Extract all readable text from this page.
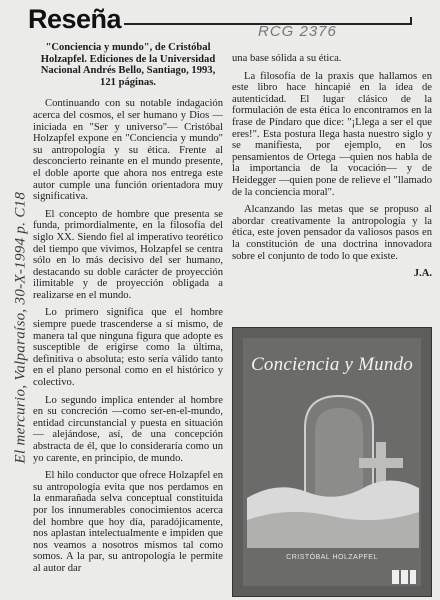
Reseña	RCG 2376
El mercurio, Valparaíso, 30-X-1994 p. C18

"Conciencia y mundo", de Cristóbal Holzapfel. Ediciones de la Universidad Nacional Andrés Bello, Santiago, 1993, 121 páginas.

Continuando con su notable indagación acerca del cosmos, el ser humano y Dios —iniciada en "Ser y universo"— Cristóbal Holzapfel expone en "Conciencia y mundo" su antropología y su ética. Frente al desconcierto reinante en el mundo presente, el doble aporte que ahora nos entrega este autor cumple una función orientadora muy significativa.

El concepto de hombre que presenta se funda, primordialmente, en la filosofía del siglo XX. Siendo fiel al imperativo teorético del tiempo que vivimos, Holzapfel se centra sólo en lo más decisivo del ser humano, destacando su doble carácter de proyección ilimitable y de proyección obligada a realizarse en el mundo.

Lo primero significa que el hombre siempre puede trascenderse a sí mismo, de manera tal que ninguna figura que adopte es susceptible de erigirse como la última, definitiva o absoluta; esto sería válido tanto en el plano personal como en el histórico y colectivo.

Lo segundo implica entender al hombre en su concreción —como ser-en-el-mundo, entidad circunstancial y puesta en situación— alejándose, así, de una concepción abstracta de él, que lo consideraría como un yo carente, en principio, de mundo.

El hilo conductor que ofrece Holzapfel en su antropología evita que nos perdamos en la enmarañada selva conceptual constituida por los innumerables conocimientos acerca del hombre que hoy día, paradójicamente, nos aplastan intelectualmente e impiden que nos veamos a nosotros mismos tal como somos. A la par, su antropología le permite al autor dar

una base sólida a su ética.

La filosofía de la praxis que hallamos en este libro hace hincapié en la idea de autenticidad. El lugar clásico de la formulación de esta ética lo encontramos en la frase de Píndaro que dice: "¡Llega a ser el que eres!". Esta postura llega hasta nuestro siglo y se manifiesta, por ejemplo, en los pensamientos de Ortega —quien nos habla de la importancia de la vocación— y de Heidegger —quien pone de relieve el "llamado de la conciencia moral".

Alcanzando las metas que se propuso al abordar creativamente la antropología y la ética, este joven pensador da valiosos pasos en la constitución de una doctrina innovadora sobre el conjunto de todo lo que existe.

J.A.

Conciencia y Mundo
CRISTÓBAL HOLZAPFEL
